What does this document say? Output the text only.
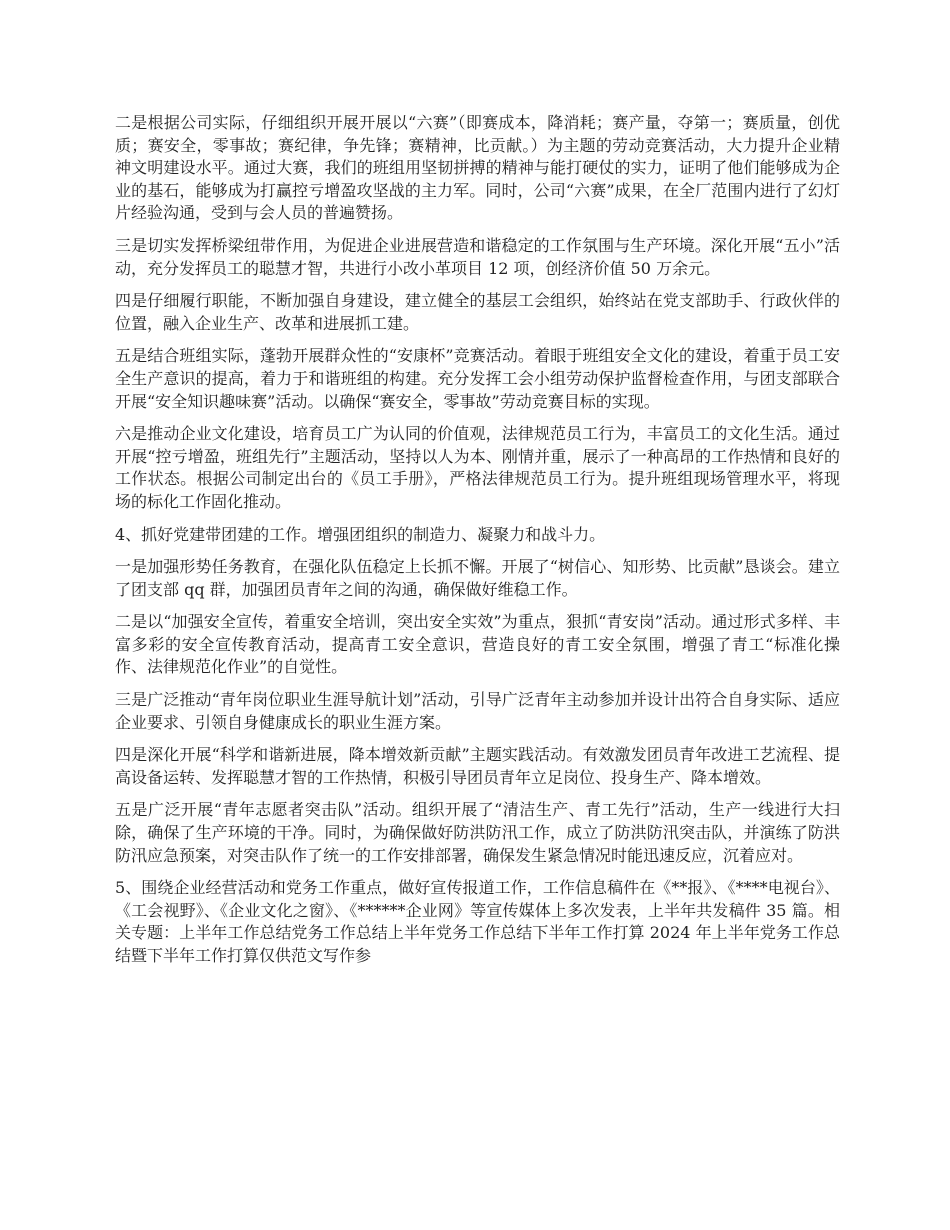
二是根据公司实际，仔细组织开展开展以“六赛”（即赛成本，降消耗；赛产量，夺第一；赛质量，创优质；赛安全，零事故；赛纪律，争先锋；赛精神，比贡献。）为主题的劳动竞赛活动，大力提升企业精神文明建设水平。通过大赛，我们的班组用坚韧拼搏的精神与能打硬仗的实力，证明了他们能够成为企业的基石，能够成为打赢控亏增盈攻坚战的主力军。同时，公司“六赛”成果，在全厂范围内进行了幻灯片经验沟通，受到与会人员的普遍赞扬。

三是切实发挥桥梁纽带作用，为促进企业进展营造和谐稳定的工作氛围与生产环境。深化开展“五小”活动，充分发挥员工的聪慧才智，共进行小改小革项目 12 项，创经济价值 50 万余元。

四是仔细履行职能，不断加强自身建设，建立健全的基层工会组织，始终站在党支部助手、行政伙伴的位置，融入企业生产、改革和进展抓工建。

五是结合班组实际，蓬勃开展群众性的“安康杯”竞赛活动。着眼于班组安全文化的建设，着重于员工安全生产意识的提高，着力于和谐班组的构建。充分发挥工会小组劳动保护监督检查作用，与团支部联合开展“安全知识趣味赛”活动。以确保“赛安全，零事故”劳动竞赛目标的实现。

六是推动企业文化建设，培育员工广为认同的价值观，法律规范员工行为，丰富员工的文化生活。通过开展“控亏增盈，班组先行”主题活动，坚持以人为本、刚情并重，展示了一种高昂的工作热情和良好的工作状态。根据公司制定出台的《员工手册》，严格法律规范员工行为。提升班组现场管理水平，将现场的标化工作固化推动。

4、抓好党建带团建的工作。增强团组织的制造力、凝聚力和战斗力。

一是加强形势任务教育，在强化队伍稳定上长抓不懈。开展了“树信心、知形势、比贡献”恳谈会。建立了团支部 qq 群，加强团员青年之间的沟通，确保做好维稳工作。

二是以“加强安全宣传，着重安全培训，突出安全实效”为重点，狠抓“青安岗”活动。通过形式多样、丰富多彩的安全宣传教育活动，提高青工安全意识，营造良好的青工安全氛围，增强了青工“标准化操作、法律规范化作业”的自觉性。

三是广泛推动“青年岗位职业生涯导航计划”活动，引导广泛青年主动参加并设计出符合自身实际、适应企业要求、引领自身健康成长的职业生涯方案。

四是深化开展“科学和谐新进展，降本增效新贡献”主题实践活动。有效激发团员青年改进工艺流程、提高设备运转、发挥聪慧才智的工作热情，积极引导团员青年立足岗位、投身生产、降本增效。

五是广泛开展“青年志愿者突击队”活动。组织开展了“清洁生产、青工先行”活动，生产一线进行大扫除，确保了生产环境的干净。同时，为确保做好防洪防汛工作，成立了防洪防汛突击队，并演练了防洪防汛应急预案，对突击队作了统一的工作安排部署，确保发生紧急情况时能迅速反应，沉着应对。

5、围绕企业经营活动和党务工作重点，做好宣传报道工作，工作信息稿件在《**报》、《****电视台》、《工会视野》、《企业文化之窗》、《******企业网》等宣传媒体上多次发表，上半年共发稿件 35 篇。相关专题：上半年工作总结党务工作总结上半年党务工作总结下半年工作打算 2024 年上半年党务工作总结暨下半年工作打算仅供范文写作参
